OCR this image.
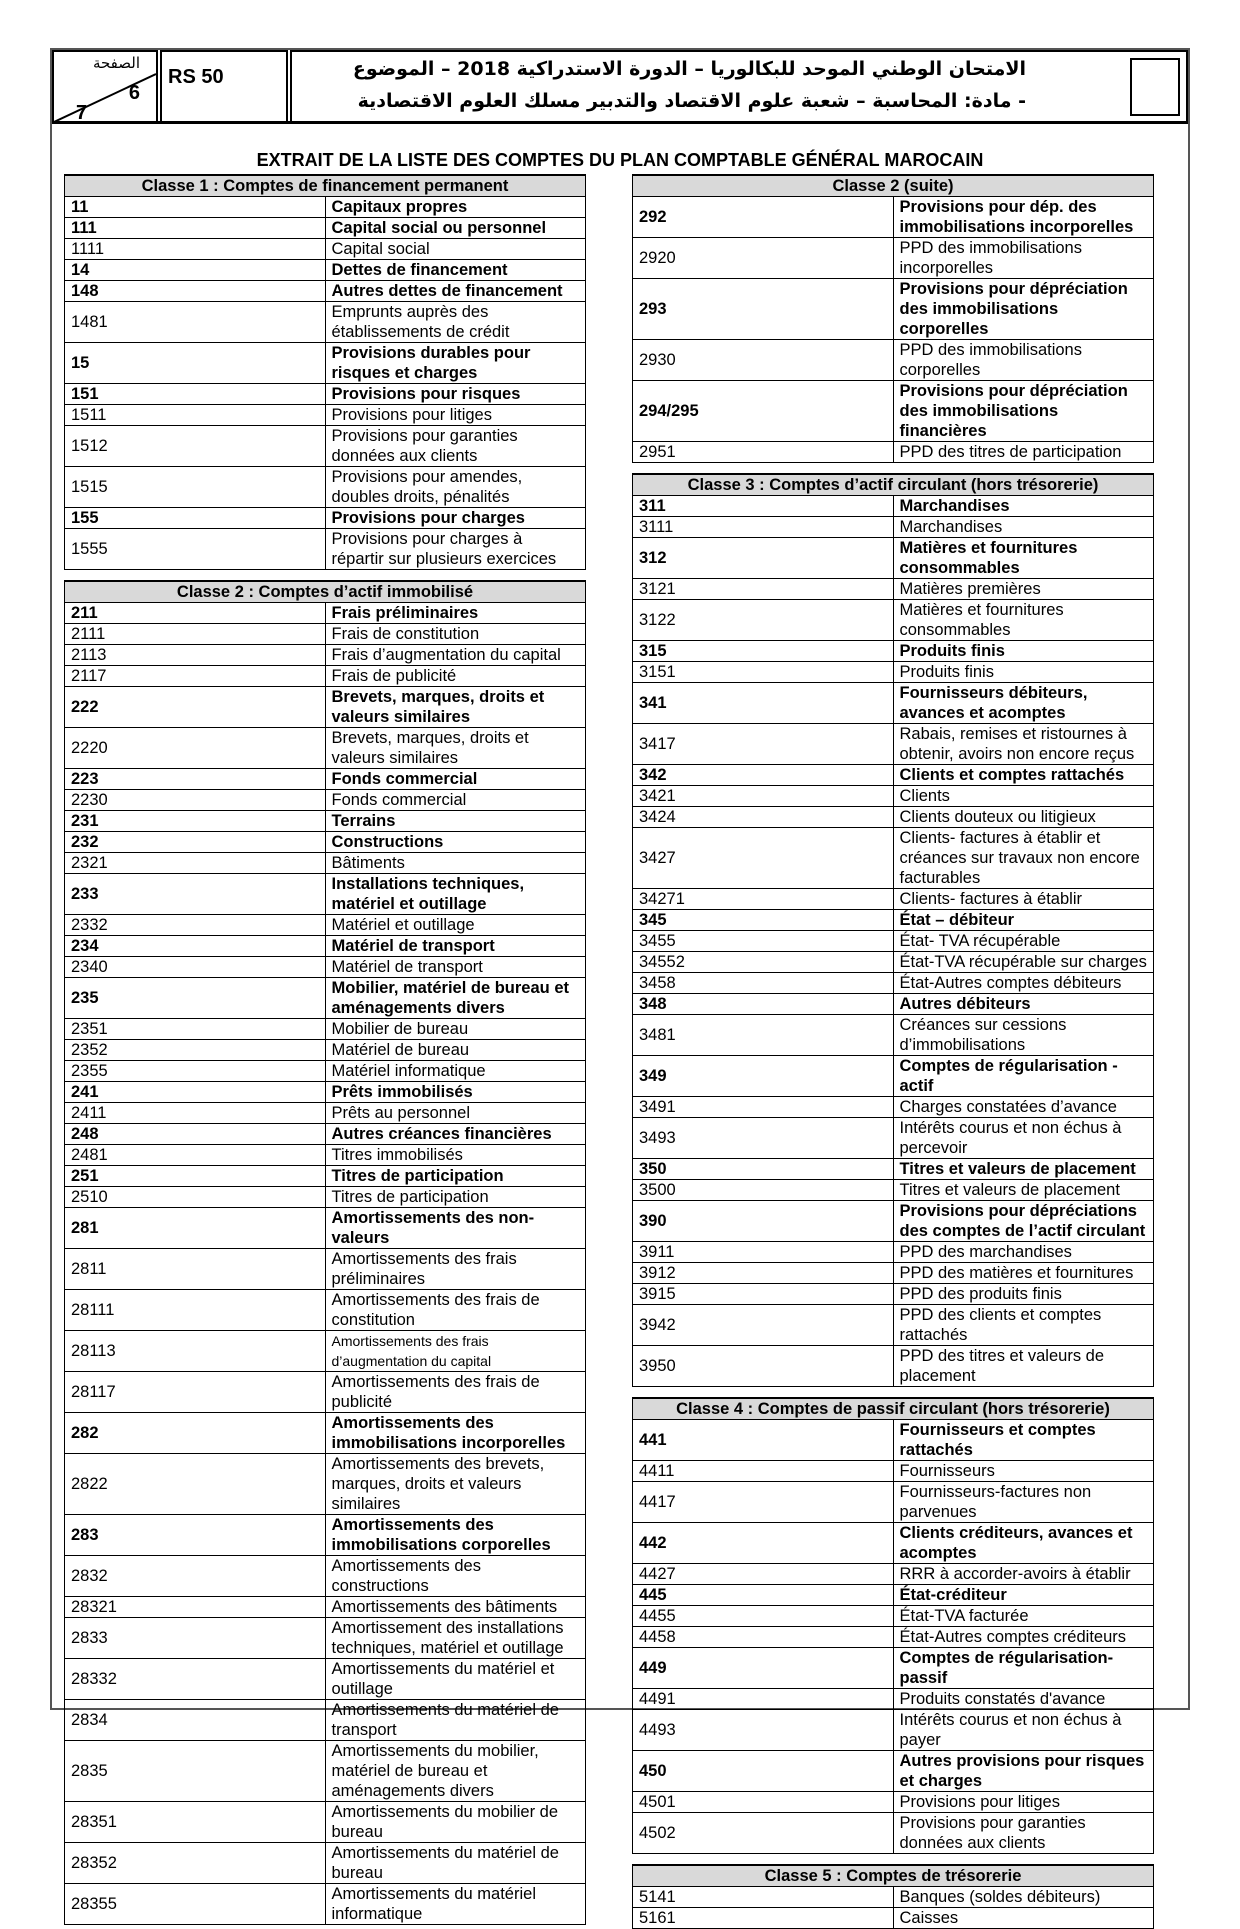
الصفحة
6
7
RS 50	الامتحان الوطني الموحد للبكالوريا – الدورة الاستدراكية 2018 – الموضوع
- مادة: المحاسبة – شعبة علوم الاقتصاد والتدبير مسلك العلوم الاقتصادية
EXTRAIT DE LA LISTE DES COMPTES DU PLAN COMPTABLE GÉNÉRAL MAROCAIN
Classe 1 : Comptes de financement permanent	
11	Capitaux propres
111	Capital social ou personnel
1111	Capital social
14	Dettes de financement
148	Autres dettes de financement
1481	Emprunts auprès des établissements de crédit
15	Provisions durables pour risques et charges
151	Provisions pour risques
1511	Provisions pour litiges
1512	Provisions pour garanties données aux clients
1515	Provisions pour amendes, doubles droits, pénalités
155	Provisions pour charges
1555	Provisions pour charges à répartir sur plusieurs exercices
Classe 2 : Comptes d’actif immobilisé	
211	Frais préliminaires
2111	Frais de constitution
2113	Frais d’augmentation du capital
2117	Frais de publicité
222	Brevets, marques, droits et valeurs similaires
2220	Brevets, marques, droits et valeurs similaires
223	Fonds commercial
2230	Fonds commercial
231	Terrains
232	Constructions
2321	Bâtiments
233	Installations techniques, matériel et outillage
2332	Matériel et outillage
234	Matériel de transport
2340	Matériel de transport
235	Mobilier, matériel de bureau et aménagements divers
2351	Mobilier de bureau
2352	Matériel de bureau
2355	Matériel informatique
241	Prêts immobilisés
2411	Prêts au personnel
248	Autres créances financières
2481	Titres immobilisés
251	Titres de participation
2510	Titres de participation
281	Amortissements des non-valeurs
2811	Amortissements des frais préliminaires
28111	Amortissements des frais de constitution
28113	Amortissements des frais d’augmentation du capital
28117	Amortissements des frais de publicité
282	Amortissements des immobilisations incorporelles
2822	Amortissements des brevets, marques, droits et valeurs similaires
283	Amortissements des immobilisations corporelles
2832	Amortissements des constructions
28321	Amortissements des bâtiments
2833	Amortissement des installations techniques, matériel et outillage
28332	Amortissements du matériel et outillage
2834	Amortissements du matériel de transport
2835	Amortissements du mobilier, matériel de bureau et aménagements divers
28351	Amortissements du mobilier de bureau
28352	Amortissements du matériel de bureau
28355	Amortissements du matériel informatique
Classe 2 (suite)	
292	Provisions pour dép. des immobilisations incorporelles
2920	PPD des immobilisations incorporelles
293	Provisions pour dépréciation des immobilisations corporelles
2930	PPD des immobilisations corporelles
294/295	Provisions pour dépréciation des immobilisations financières
2951	PPD des titres de participation
Classe 3 : Comptes d’actif circulant (hors trésorerie)	
311	Marchandises
3111	Marchandises
312	Matières et fournitures consommables
3121	Matières premières
3122	Matières et fournitures consommables
315	Produits finis
3151	Produits finis
341	Fournisseurs débiteurs, avances et acomptes
3417	Rabais, remises et ristournes à obtenir, avoirs non encore reçus
342	Clients et comptes rattachés
3421	Clients
3424	Clients douteux ou litigieux
3427	Clients- factures à établir et créances sur travaux non encore facturables
34271	Clients- factures à établir
345	État – débiteur
3455	État- TVA récupérable
34552	État-TVA récupérable sur charges
3458	État-Autres comptes débiteurs
348	Autres débiteurs
3481	Créances sur cessions d’immobilisations
349	Comptes de régularisation - actif
3491	Charges constatées d’avance
3493	Intérêts courus et non échus à percevoir
350	Titres et valeurs de placement
3500	Titres et valeurs de placement
390	Provisions pour dépréciations des comptes de l’actif circulant
3911	PPD des marchandises
3912	PPD des matières et fournitures
3915	PPD des produits finis
3942	PPD des clients et comptes rattachés
3950	PPD des titres et valeurs de placement
Classe 4 : Comptes de passif circulant (hors trésorerie)	
441	Fournisseurs et comptes rattachés
4411	Fournisseurs
4417	Fournisseurs-factures non parvenues
442	Clients créditeurs, avances et acomptes
4427	RRR à accorder-avoirs à établir
445	État-créditeur
4455	État-TVA facturée
4458	État-Autres comptes créditeurs
449	Comptes de régularisation-passif
4491	Produits constatés d'avance
4493	Intérêts courus et non échus à payer
450	Autres provisions pour risques et charges
4501	Provisions pour litiges
4502	Provisions pour garanties données aux clients
Classe 5 : Comptes de trésorerie	
5141	Banques (soldes débiteurs)
5161	Caisses
